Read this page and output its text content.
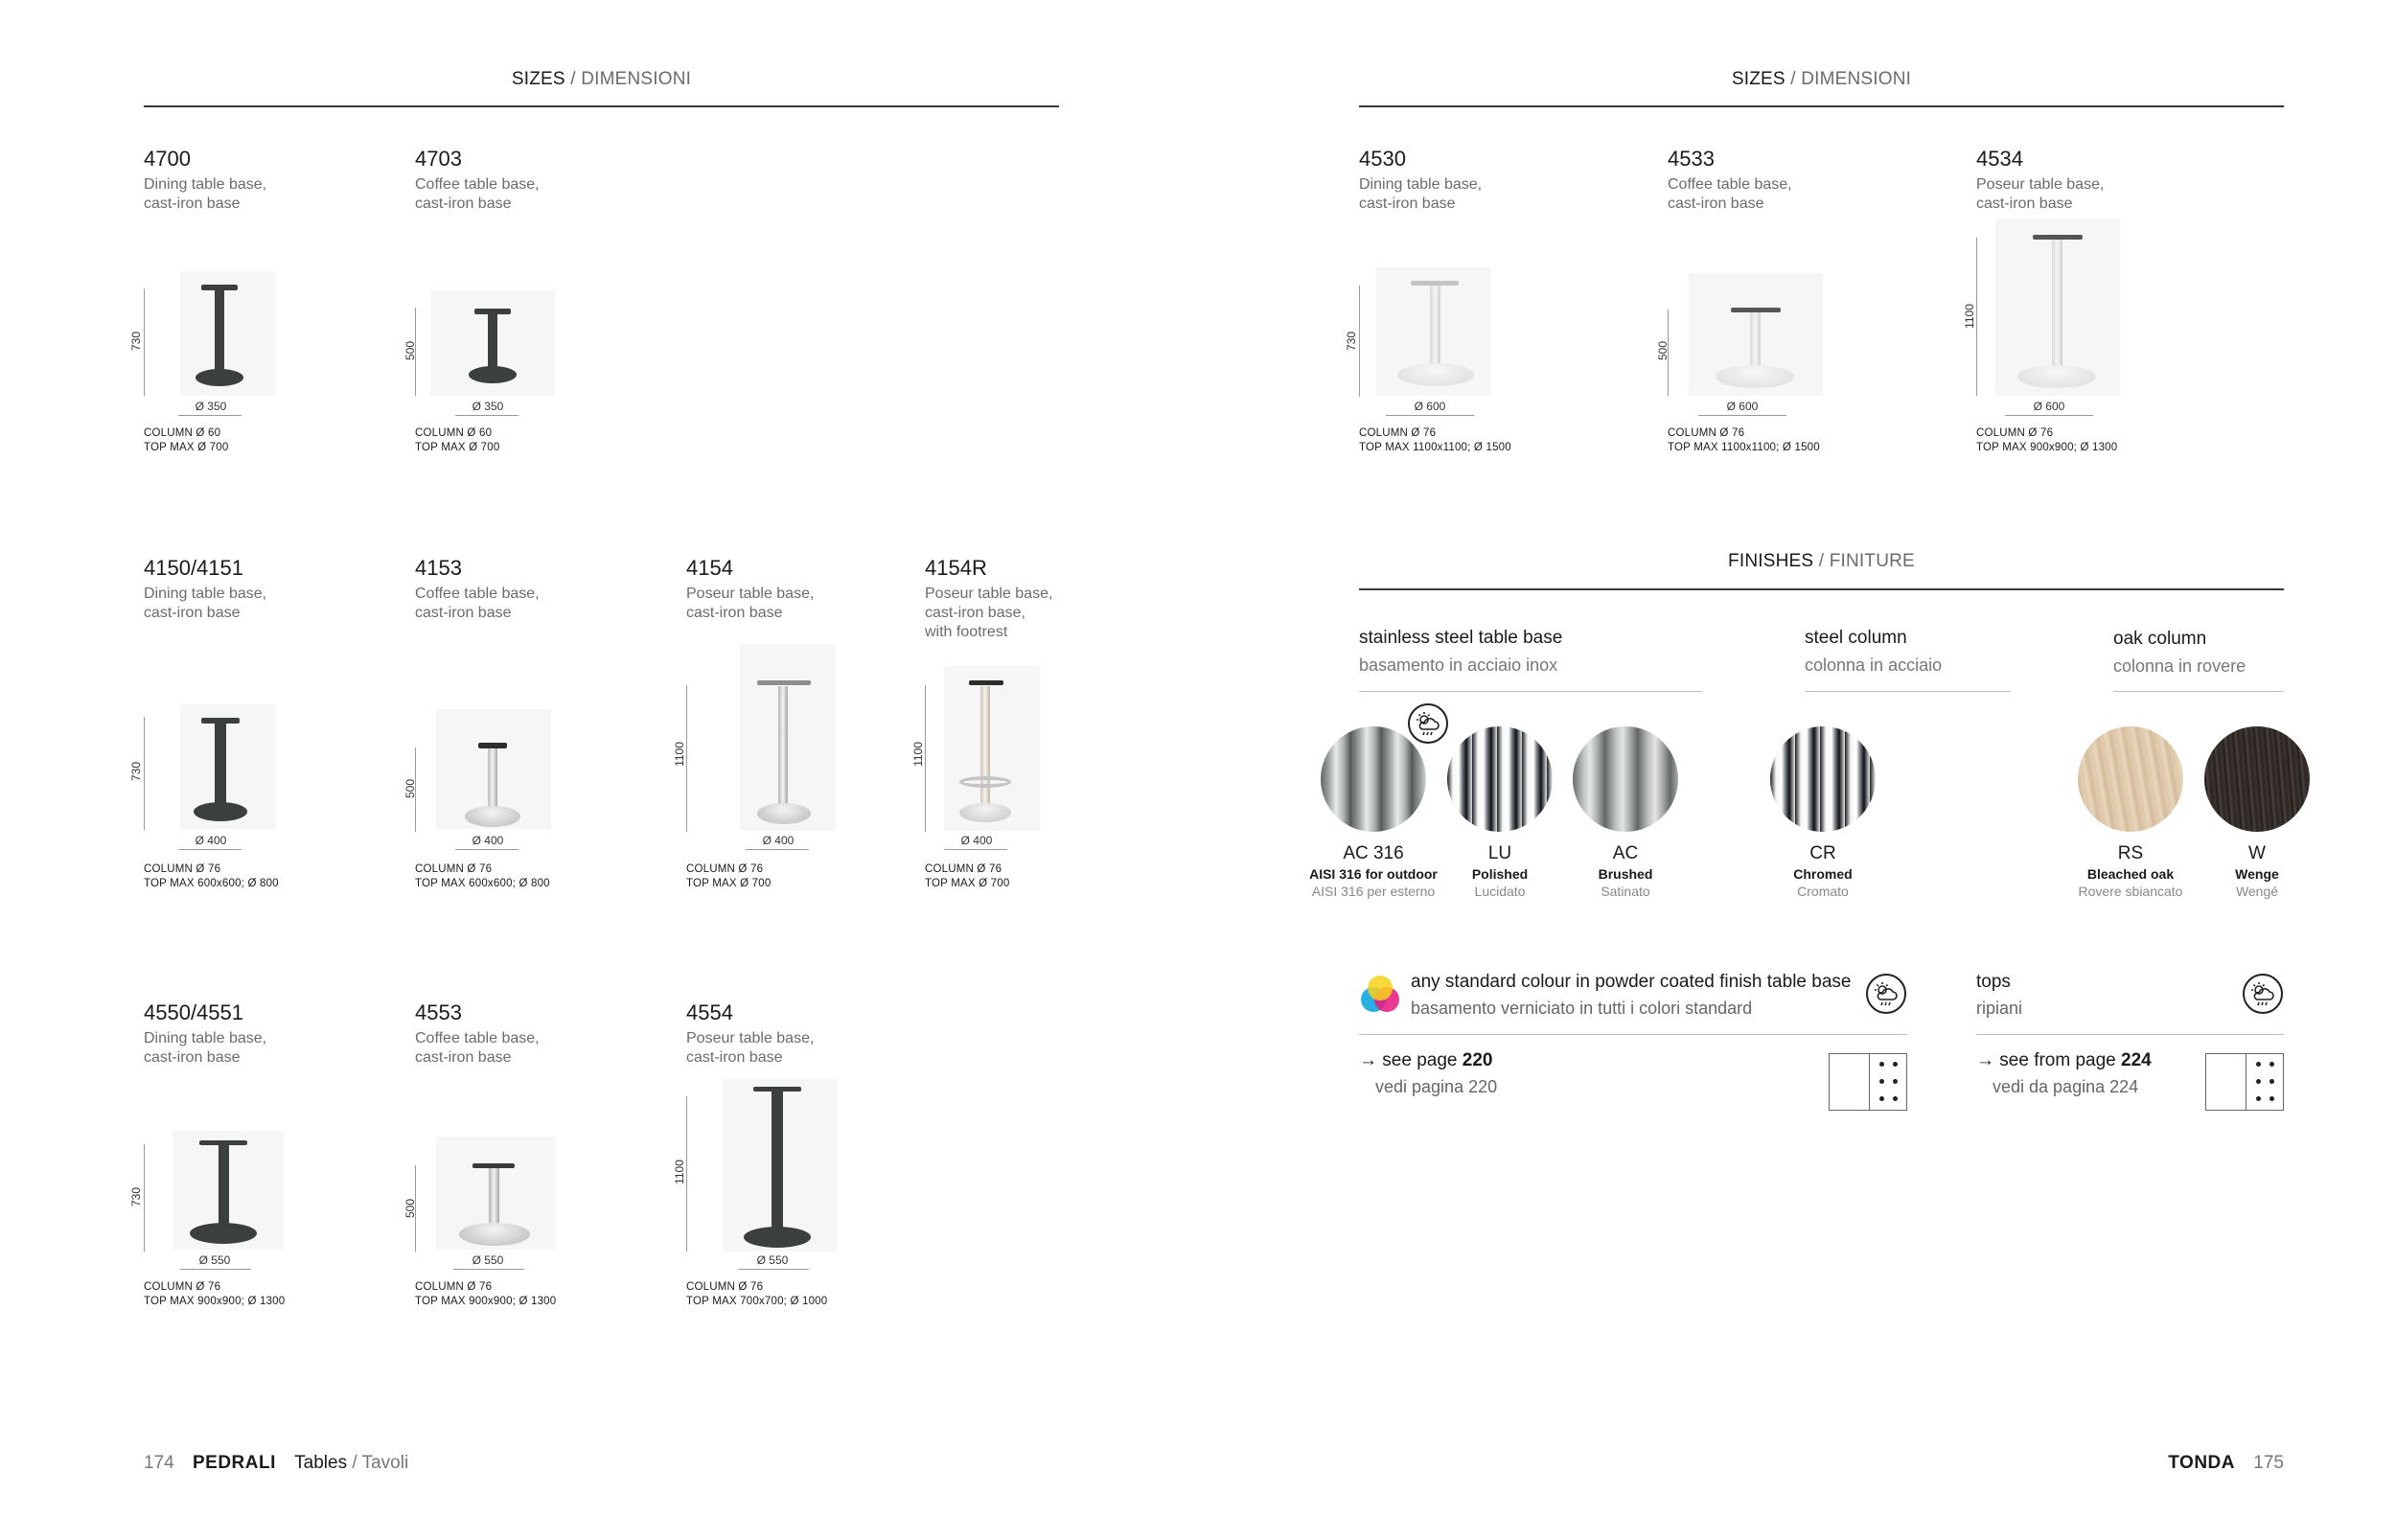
SIZES / DIMENSIONI
4700
Dining table base,
cast-iron base
730
Ø 350
COLUMN Ø 60
TOP MAX Ø 700
4703
Coffee table base,
cast-iron base
500
Ø 350
COLUMN Ø 60
TOP MAX Ø 700
4150/4151
Dining table base,
cast-iron base
730
Ø 400
COLUMN Ø 76
TOP MAX 600x600; Ø 800
4153
Coffee table base,
cast-iron base
500
Ø 400
COLUMN Ø 76
TOP MAX 600x600; Ø 800
4154
Poseur table base,
cast-iron base
1100
Ø 400
COLUMN Ø 76
TOP MAX Ø 700
4154R
Poseur table base,
cast-iron base,
with footrest
1100
Ø 400
COLUMN Ø 76
TOP MAX Ø 700
4550/4551
Dining table base,
cast-iron base
730
Ø 550
COLUMN Ø 76
TOP MAX 900x900; Ø 1300
4553
Coffee table base,
cast-iron base
500
Ø 550
COLUMN Ø 76
TOP MAX 900x900; Ø 1300
4554
Poseur table base,
cast-iron base
1100
Ø 550
COLUMN Ø 76
TOP MAX 700x700; Ø 1000
174 PEDRALI Tables / Tavoli
SIZES / DIMENSIONI
4530
Dining table base,
cast-iron base
730
Ø 600
COLUMN Ø 76
TOP MAX 1100x1100; Ø 1500
4533
Coffee table base,
cast-iron base
500
Ø 600
COLUMN Ø 76
TOP MAX 1100x1100; Ø 1500
4534
Poseur table base,
cast-iron base
1100
Ø 600
COLUMN Ø 76
TOP MAX 900x900; Ø 1300
FINISHES / FINITURE
stainless steel table base
basamento in acciaio inox
steel column
colonna in acciaio
oak column
colonna in rovere
AC 316
AISI 316 for outdoor
AISI 316 per esterno
LU
Polished
Lucidato
AC
Brushed
Satinato
CR
Chromed
Cromato
RS
Bleached oak
Rovere sbiancato
W
Wenge
Wengé
any standard colour in powder coated finish table base
basamento verniciato in tutti i colori standard
→ see page 220
vedi pagina 220
tops
ripiani
→ see from page 224
vedi da pagina 224
TONDA 175
